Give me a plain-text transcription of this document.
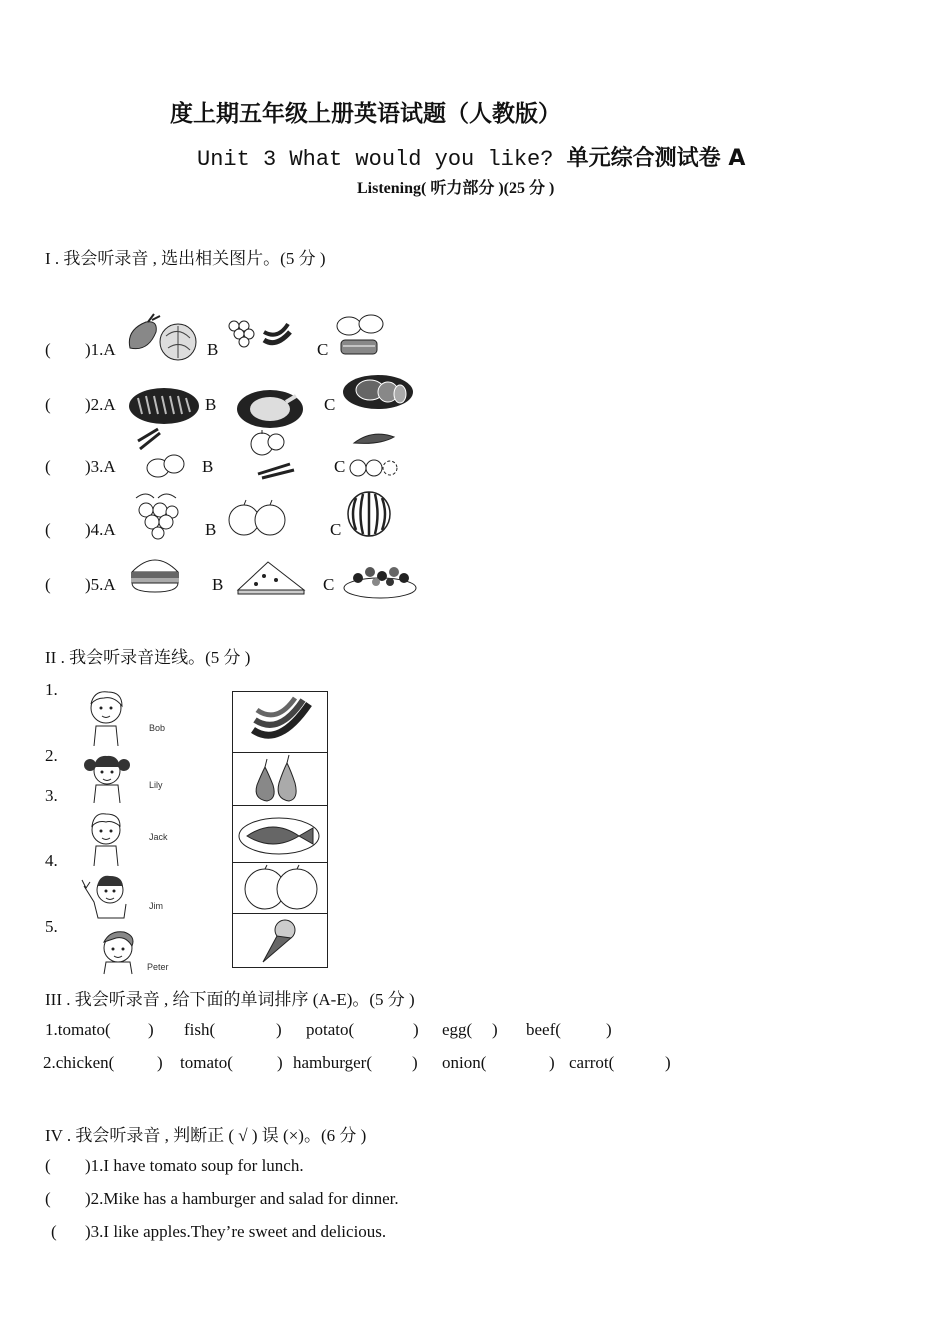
度上期五年级上册英语试题（人教版）
Unit 3 What would you like? 单元综合测试卷 A
Listening( 听力部分 )(25 分 )
I . 我会听录音 , 选出相关图片。(5 分 )
( )1.A	B	C
( )2.A	B	C
( )3.A	B	C
( )4.A	B	C
( )5.A	B	C
II . 我会听录音连线。(5 分 )
1.
2.
3.
4.
5.
Bob
Lily
Jack
Jim
Peter
III . 我会听录音 , 给下面的单词排序 (A-E)。(5 分 )
1.tomato( ) fish(	) potato(	) egg( ) beef(	)
2.chicken(	) tomato(	) hamburger( ) onion(	) carrot(	)
IV . 我会听录音 , 判断正 ( √ ) 误 (×)。(6 分 )
( )1.I have tomato soup for lunch.
( )2.Mike has a hamburger and salad for dinner.
( )3.I like apples.They’re sweet and delicious.
